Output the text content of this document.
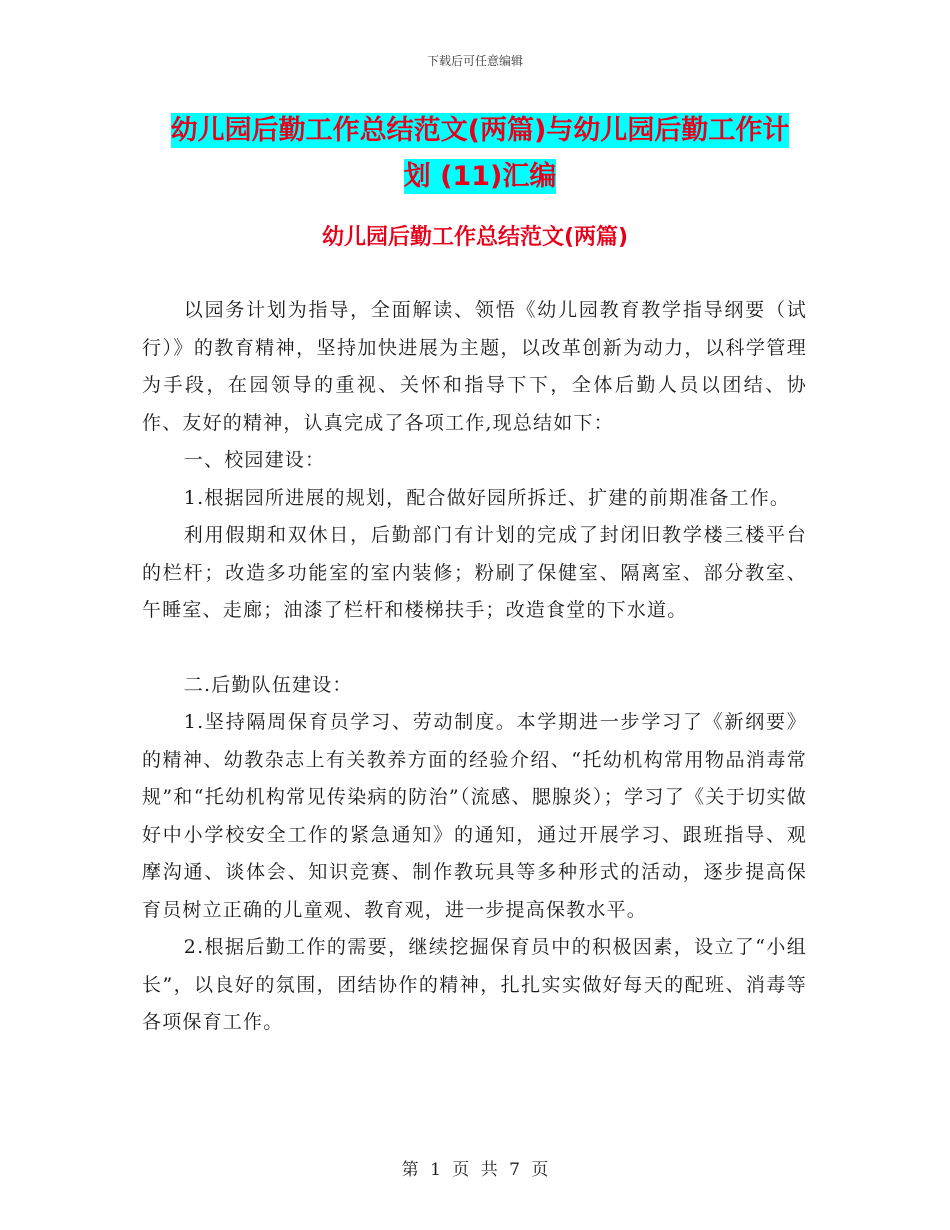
下载后可任意编辑
幼儿园后勤工作总结范文(两篇)与幼儿园后勤工作计
划 (11)汇编
幼儿园后勤工作总结范文(两篇)

以园务计划为指导，全面解读、领悟《幼儿园教育教学指导纲要（试行）》的教育精神，坚持加快进展为主题，以改革创新为动力，以科学管理为手段，在园领导的重视、关怀和指导下下，全体后勤人员以团结、协作、友好的精神，认真完成了各项工作,现总结如下：

一、校园建设：

1.根据园所进展的规划，配合做好园所拆迁、扩建的前期准备工作。

利用假期和双休日，后勤部门有计划的完成了封闭旧教学楼三楼平台的栏杆；改造多功能室的室内装修；粉刷了保健室、隔离室、部分教室、午睡室、走廊；油漆了栏杆和楼梯扶手；改造食堂的下水道。

二.后勤队伍建设：

1.坚持隔周保育员学习、劳动制度。本学期进一步学习了《新纲要》的精神、幼教杂志上有关教养方面的经验介绍、“托幼机构常用物品消毒常规”和“托幼机构常见传染病的防治”（流感、腮腺炎）；学习了《关于切实做好中小学校安全工作的紧急通知》的通知，通过开展学习、跟班指导、观摩沟通、谈体会、知识竞赛、制作教玩具等多种形式的活动，逐步提高保育员树立正确的儿童观、教育观，进一步提高保教水平。

2.根据后勤工作的需要，继续挖掘保育员中的积极因素，设立了“小组长”，以良好的氛围，团结协作的精神，扎扎实实做好每天的配班、消毒等各项保育工作。

第 1 页 共 7 页
